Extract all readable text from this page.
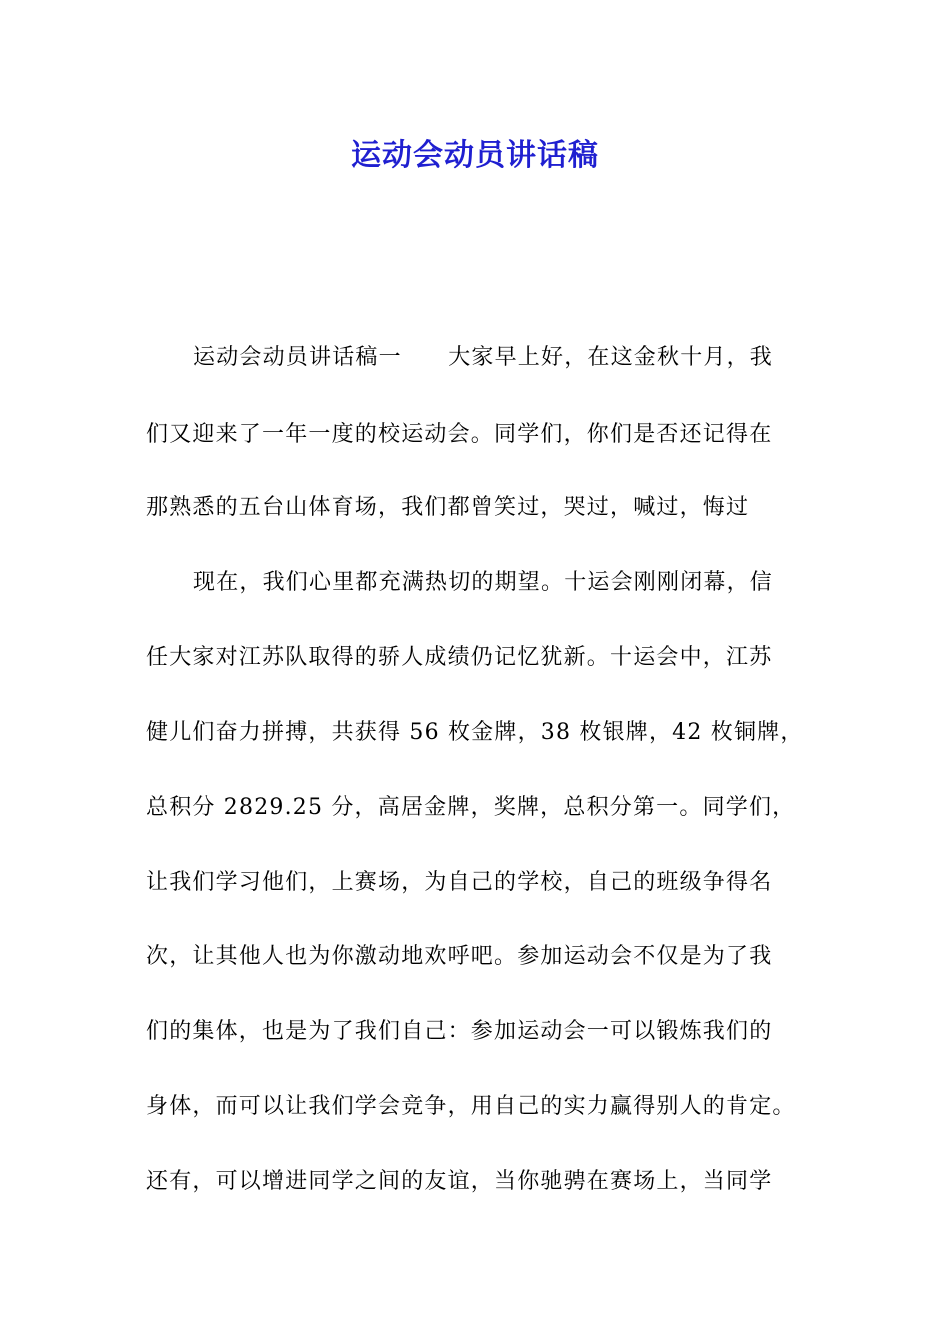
运动会动员讲话稿
运动会动员讲话稿一　　大家早上好，在这金秋十月，我
们又迎来了一年一度的校运动会。同学们，你们是否还记得在
那熟悉的五台山体育场，我们都曾笑过，哭过，喊过，悔过
现在，我们心里都充满热切的期望。十运会刚刚闭幕，信
任大家对江苏队取得的骄人成绩仍记忆犹新。十运会中，江苏
健儿们奋力拼搏，共获得 56 枚金牌，38 枚银牌，42 枚铜牌，
总积分 2829.25 分，高居金牌，奖牌，总积分第一。同学们，
让我们学习他们，上赛场，为自己的学校，自己的班级争得名
次，让其他人也为你激动地欢呼吧。参加运动会不仅是为了我
们的集体，也是为了我们自己：参加运动会一可以锻炼我们的
身体，而可以让我们学会竞争，用自己的实力赢得别人的肯定。
还有，可以增进同学之间的友谊，当你驰骋在赛场上，当同学
